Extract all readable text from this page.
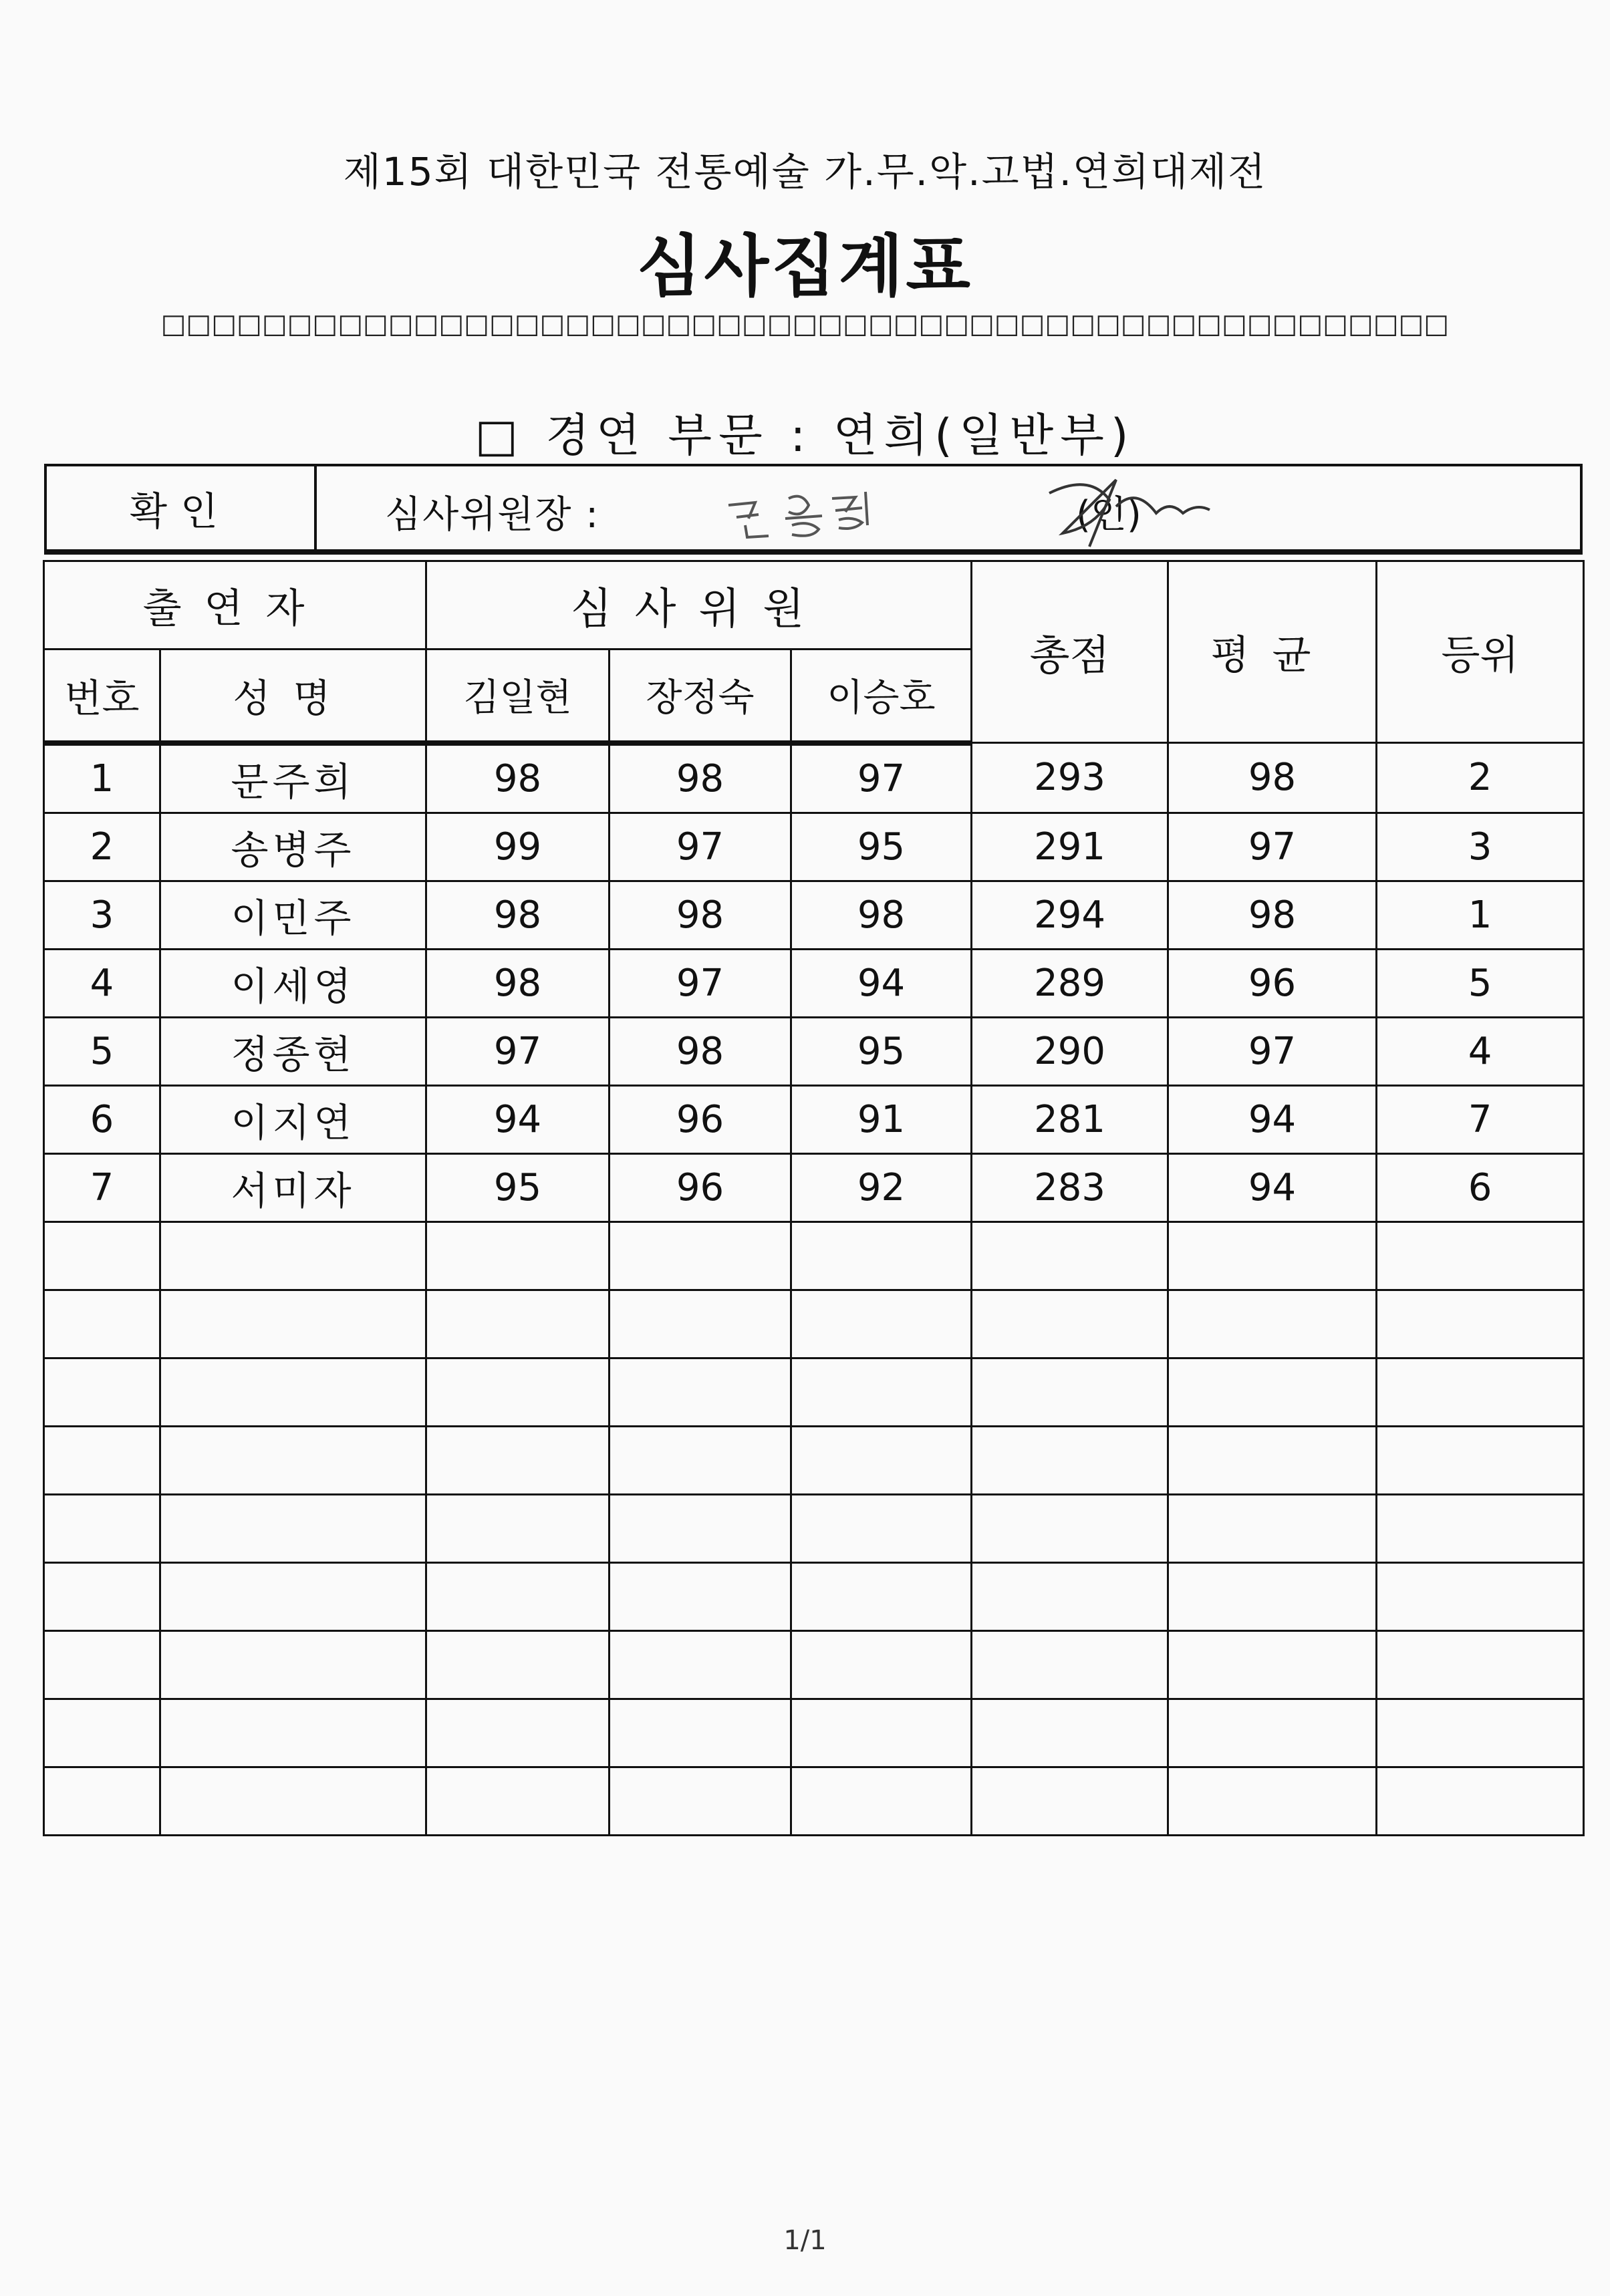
제15회 대한민국 전통예술 가.무.악.고법.연희대제전
심사집계표
□□□□□□□□□□□□□□□□□□□□□□□□□□□□□□□□□□□□□□□□□□□□□□□□□□□
□ 경연 부문 : 연희(일반부)
확인	심사위원장 :	(인)
출연자		심사위원			총점	평균	등위
번호	성명	김일현	장정숙	이승호			
1	문주희	98	98	97	293	98	2
2	송병주	99	97	95	291	97	3
3	이민주	98	98	98	294	98	1
4	이세영	98	97	94	289	96	5
5	정종현	97	98	95	290	97	4
6	이지연	94	96	91	281	94	7
7	서미자	95	96	92	283	94	6

1/1
